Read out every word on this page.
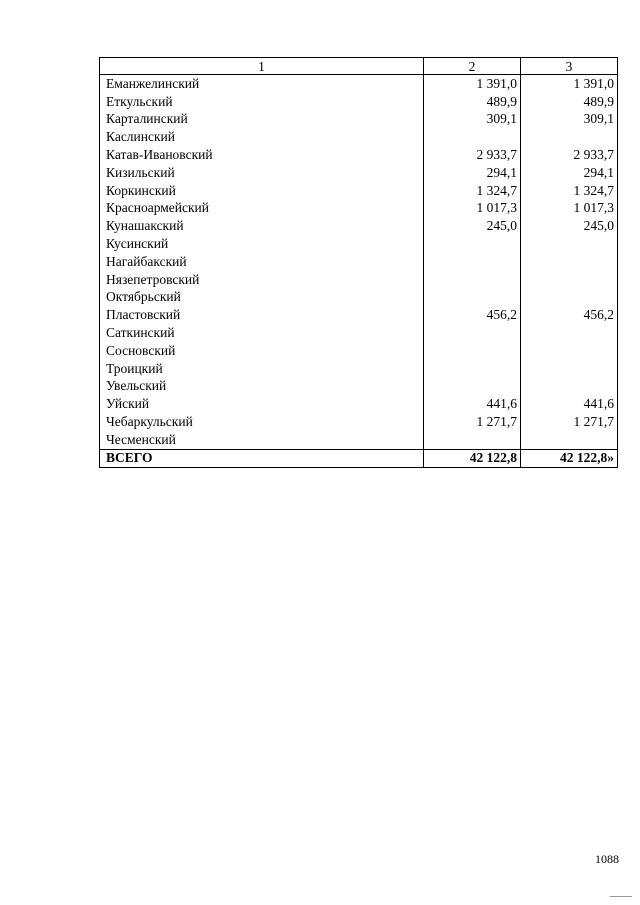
1	2	3
Еманжелинский	1 391,0	1 391,0
Еткульский	489,9	489,9
Карталинский	309,1	309,1
Каслинский		
Катав-Ивановский	2 933,7	2 933,7
Кизильский	294,1	294,1
Коркинский	1 324,7	1 324,7
Красноармейский	1 017,3	1 017,3
Кунашакский	245,0	245,0
Кусинский		
Нагайбакский		
Нязепетровский		
Октябрьский		
Пластовский	456,2	456,2
Саткинский		
Сосновский		
Троицкий		
Увельский		
Уйский	441,6	441,6
Чебаркульский	1 271,7	1 271,7
Чесменский		
ВСЕГО	42 122,8	42 122,8»
1088
